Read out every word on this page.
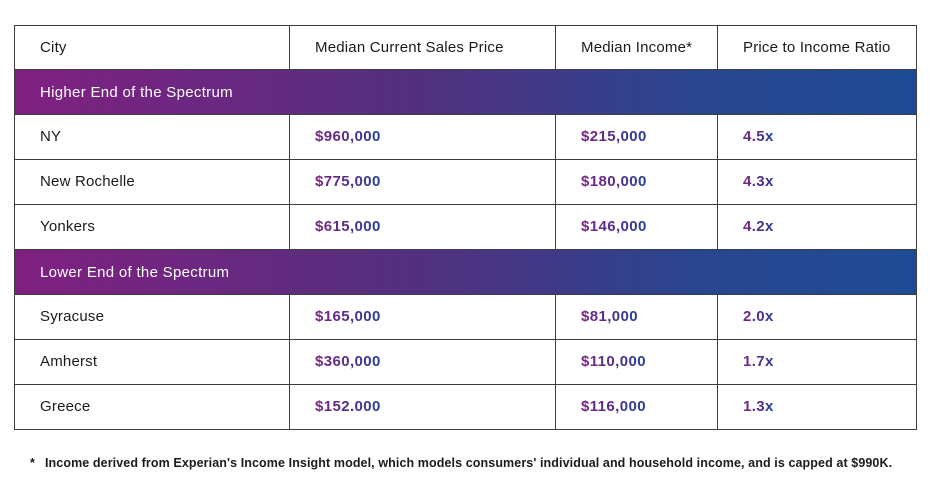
City	Median Current Sales Price	Median Income*	Price to Income Ratio
Higher End of the Spectrum			
NY	$960,000	$215,000	4.5x
New Rochelle	$775,000	$180,000	4.3x
Yonkers	$615,000	$146,000	4.2x
Lower End of the Spectrum			
Syracuse	$165,000	$81,000	2.0x
Amherst	$360,000	$110,000	1.7x
Greece	$152.000	$116,000	1.3x
* Income derived from Experian's Income Insight model, which models consumers' individual and household income, and is capped at $990K.
